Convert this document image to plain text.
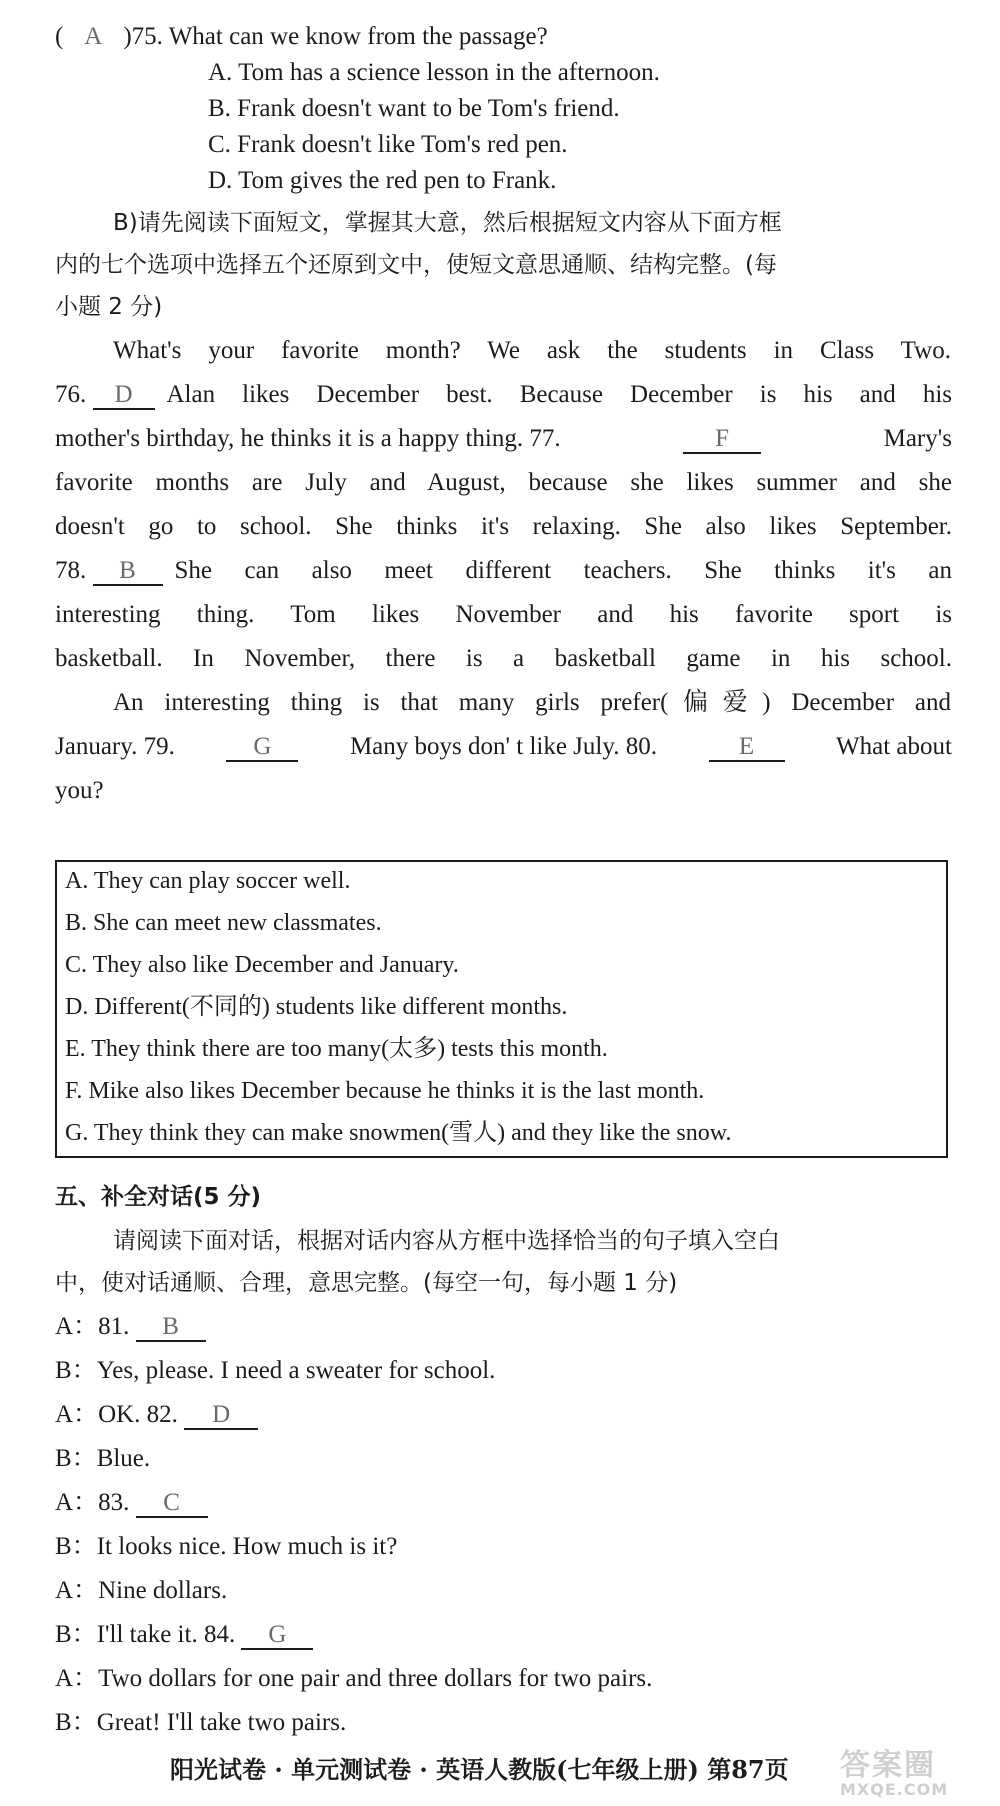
( A )75. What can we know from the passage?
A. Tom has a science lesson in the afternoon.
B. Frank doesn't want to be Tom's friend.
C. Frank doesn't like Tom's red pen.
D. Tom gives the red pen to Frank.
B)请先阅读下面短文，掌握其大意，然后根据短文内容从下面方框
内的七个选项中选择五个还原到文中，使短文意思通顺、结构完整。(每
小题 2 分)
What's your favorite month? We ask the students in Class Two.
76. D	Alan likes December best. Because December is his and his
mother's birthday, he thinks it is a happy thing. 77.	F	Mary's
favorite months are July and August, because she likes summer and she
doesn't go to school. She thinks it's relaxing. She also likes September.
78. B	She can also meet different teachers. She thinks it's an
interesting thing. Tom likes November and his favorite sport is
basketball. In November, there is a basketball game in his school.
An interesting thing is that many girls prefer(偏爱) December and
January. 79.	G	Many boys don' t like July. 80.	E	What about
you?
A. They can play soccer well.
B. She can meet new classmates.
C. They also like December and January.
D. Different(不同的) students like different months.
E. They think there are too many(太多) tests this month.
F. Mike also likes December because he thinks it is the last month.
G. They think they can make snowmen(雪人) and they like the snow.
五、补全对话(5 分)
请阅读下面对话，根据对话内容从方框中选择恰当的句子填入空白
中，使对话通顺、合理，意思完整。(每空一句，每小题 1 分)
A：81. B
B：Yes, please. I need a sweater for school.
A：OK. 82. D
B：Blue.
A：83. C
B：It looks nice. How much is it?
A：Nine dollars.
B：I'll take it. 84. G
A：Two dollars for one pair and three dollars for two pairs.
B：Great! I'll take two pairs.
阳光试卷 · 单元测试卷 · 英语人教版(七年级上册) 第87页 答案圈
MXQE.COM
